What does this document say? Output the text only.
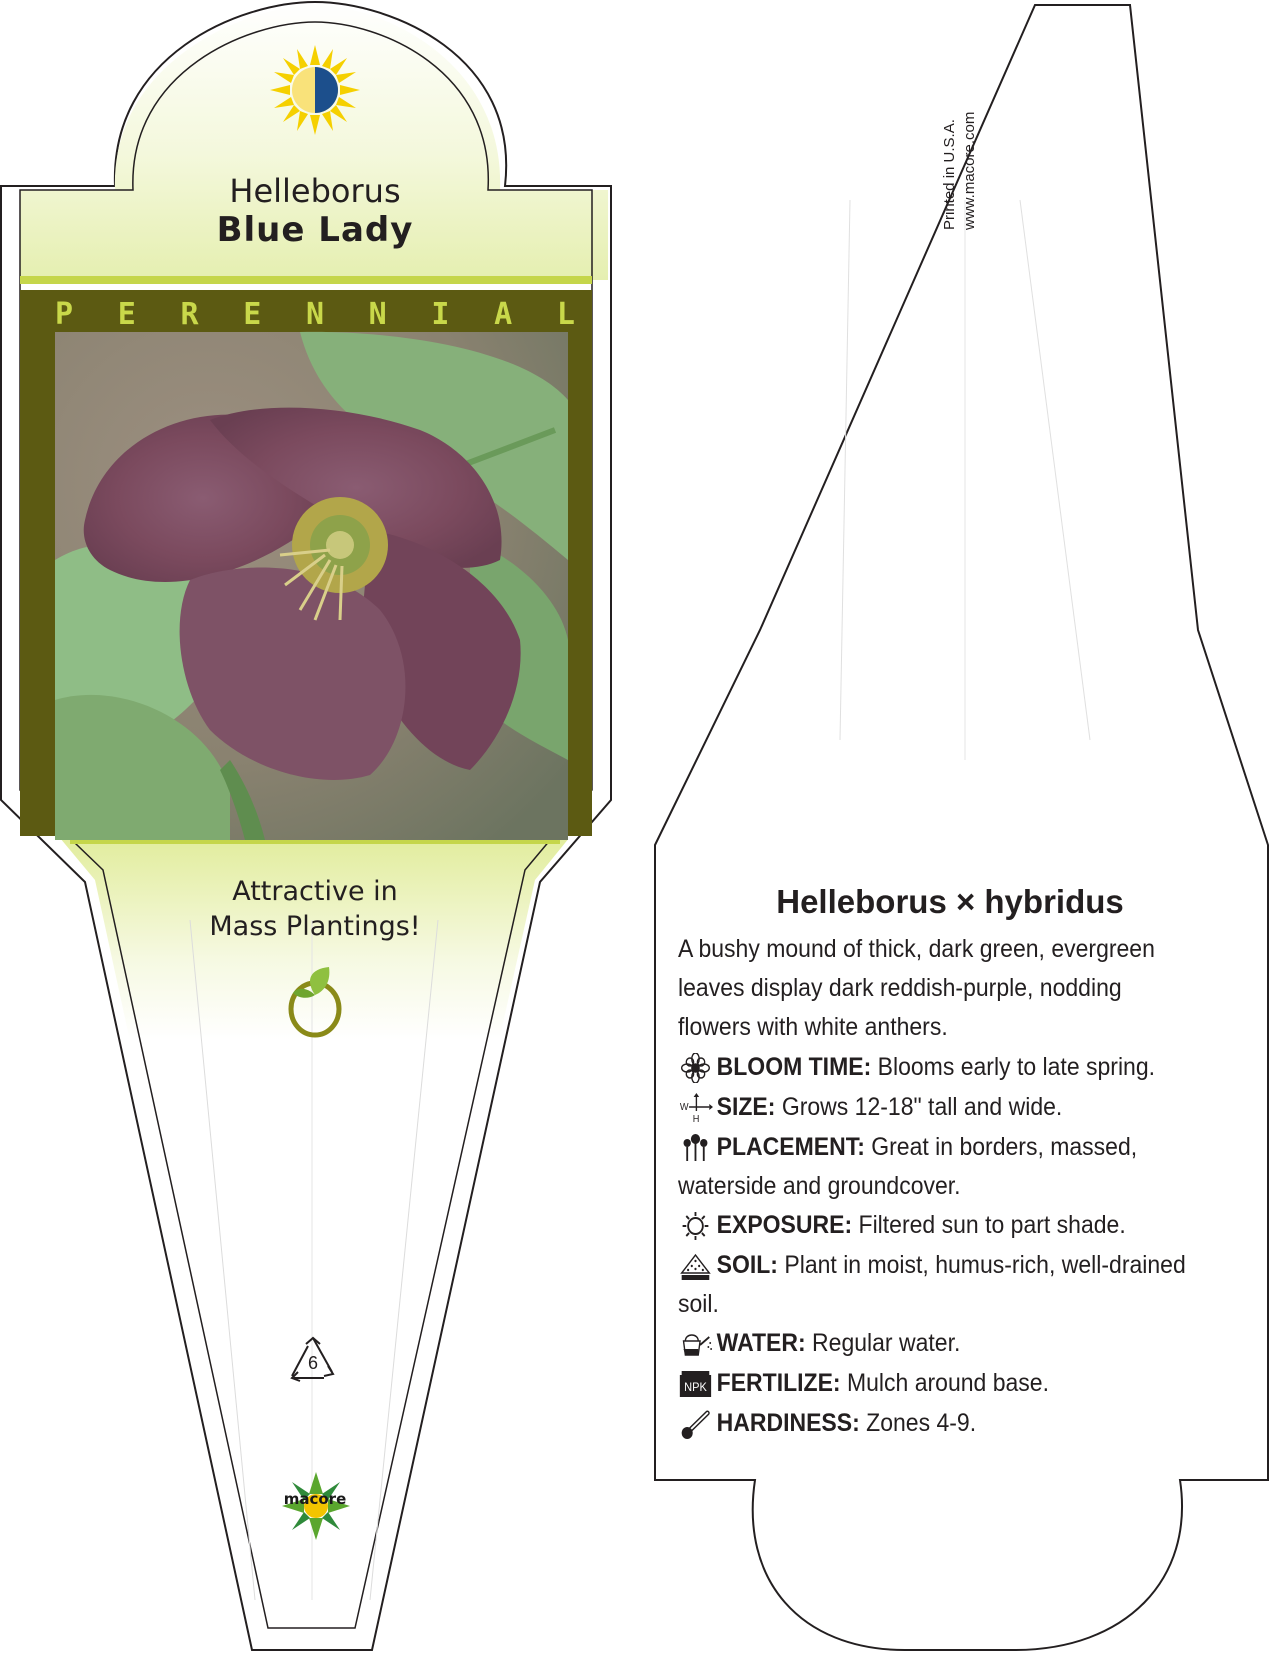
Helleborus
Blue Lady
P E R E N N I A L
Attractive in
Mass Plantings!
6
macore
Printed in U.S.A. www.macore.com
Helleborus × hybridus
A bushy mound of thick, dark green, evergreen leaves display dark reddish-purple, nodding flowers with white anthers.
BLOOM TIME: Blooms early to late spring.
W
H SIZE: Grows 12-18" tall and wide.
PLACEMENT: Great in borders, massed, waterside and groundcover.
EXPOSURE: Filtered sun to part shade.
SOIL: Plant in moist, humus-rich, well-drained soil.
WATER: Regular water.
NPK FERTILIZE: Mulch around base.
HARDINESS: Zones 4-9.
